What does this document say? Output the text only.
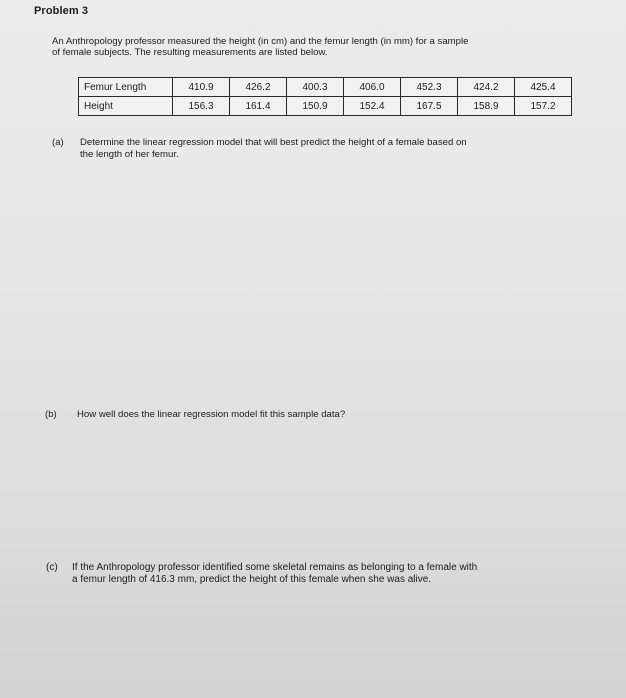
Problem 3
An Anthropology professor measured the height (in cm) and the femur length (in mm) for a sample
of female subjects. The resulting measurements are listed below.
Femur Length	410.9	426.2	400.3	406.0	452.3	424.2	425.4
Height	156.3	161.4	150.9	152.4	167.5	158.9	157.2
(a) Determine the linear regression model that will best predict the height of a female based on
the length of her femur.
(b) How well does the linear regression model fit this sample data?
(c) If the Anthropology professor identified some skeletal remains as belonging to a female with
a femur length of 416.3 mm, predict the height of this female when she was alive.
